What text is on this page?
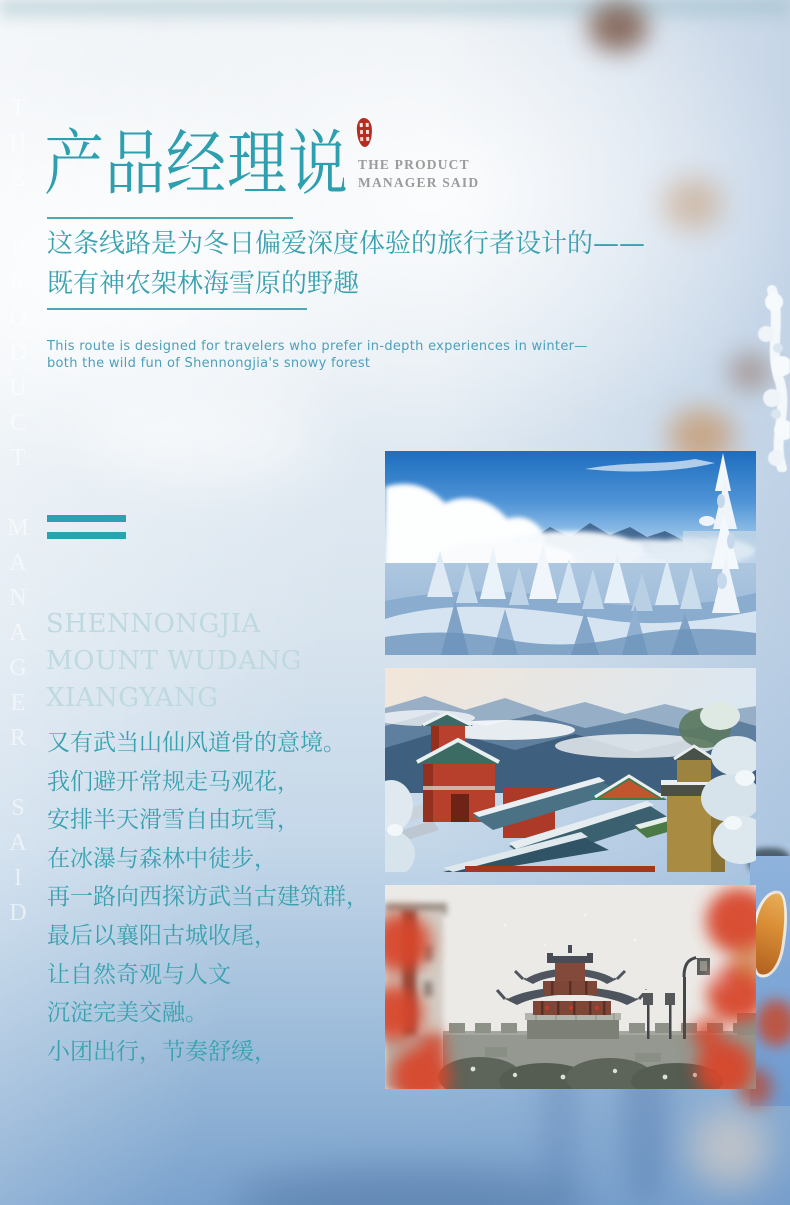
THE PRODUCT MANAGER SAID 产品经理说 THE PRODUCT
MANAGER SAID
这条线路是为冬日偏爱深度体验的旅行者设计的——
既有神农架林海雪原的野趣
This route is designed for travelers who prefer in-depth experiences in winter—
both the wild fun of Shennongjia's snowy forest
SHENNONGJIA
MOUNT WUDANG
XIANGYANG
又有武当山仙风道骨的意境。
我们避开常规走马观花，
安排半天滑雪自由玩雪，
在冰瀑与森林中徒步，
再一路向西探访武当古建筑群，
最后以襄阳古城收尾，
让自然奇观与人文
沉淀完美交融。
小团出行，节奏舒缓，
